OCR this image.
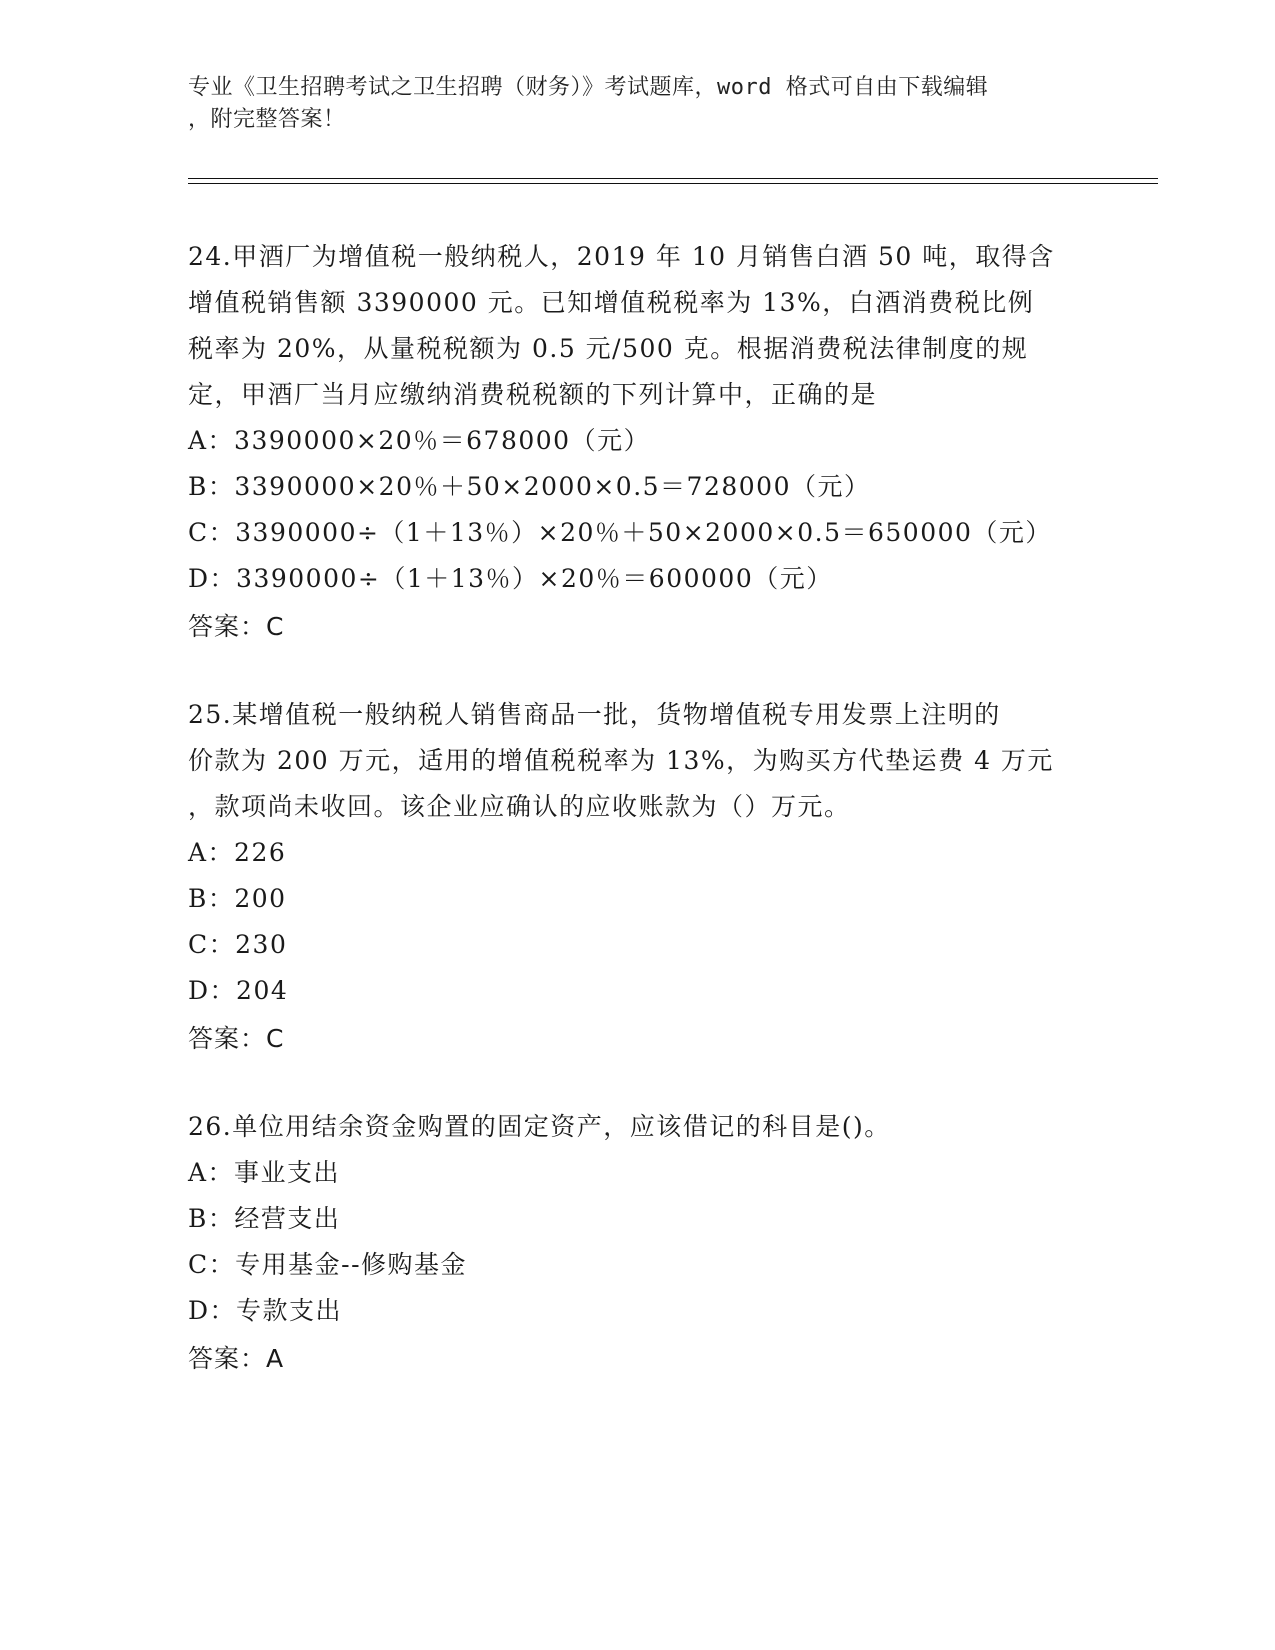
专业《卫生招聘考试之卫生招聘（财务）》考试题库，word 格式可自由下载编辑
，附完整答案！
24.甲酒厂为增值税一般纳税人，2019 年 10 月销售白酒 50 吨，取得含
增值税销售额 3390000 元。已知增值税税率为 13%，白酒消费税比例
税率为 20%，从量税税额为 0.5 元/500 克。根据消费税法律制度的规
定，甲酒厂当月应缴纳消费税税额的下列计算中，正确的是
A：3390000×20％＝678000（元）
B：3390000×20％＋50×2000×0.5＝728000（元）
C：3390000÷（1＋13％）×20％＋50×2000×0.5＝650000（元）
D：3390000÷（1＋13％）×20％＝600000（元）
答案：C
25.某增值税一般纳税人销售商品一批，货物增值税专用发票上注明的
价款为 200 万元，适用的增值税税率为 13%，为购买方代垫运费 4 万元
，款项尚未收回。该企业应确认的应收账款为（）万元。
A：226
B：200
C：230
D：204
答案：C
26.单位用结余资金购置的固定资产，应该借记的科目是()。
A：事业支出
B：经营支出
C：专用基金--修购基金
D：专款支出
答案：A
